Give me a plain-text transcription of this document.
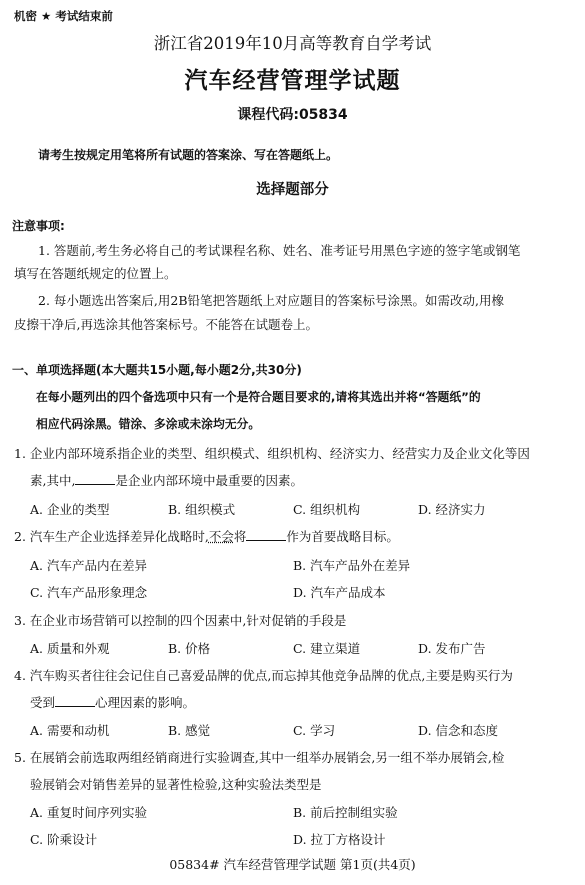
机密 ★ 考试结束前
浙江省2019年10月高等教育自学考试
汽车经营管理学试题
课程代码:05834
请考生按规定用笔将所有试题的答案涂、写在答题纸上。
选择题部分
注意事项:
1. 答题前,考生务必将自己的考试课程名称、姓名、准考证号用黑色字迹的签字笔或钢笔
填写在答题纸规定的位置上。
2. 每小题选出答案后,用2B铅笔把答题纸上对应题目的答案标号涂黑。如需改动,用橡
皮擦干净后,再选涂其他答案标号。不能答在试题卷上。
一、单项选择题(本大题共15小题,每小题2分,共30分)
在每小题列出的四个备选项中只有一个是符合题目要求的,请将其选出并将“答题纸”的
相应代码涂黑。错涂、多涂或未涂均无分。
1. 企业内部环境系指企业的类型、组织模式、组织机构、经济实力、经营实力及企业文化等因
素,其中,	是企业内部环境中最重要的因素。
A. 企业的类型	B. 组织模式	C. 组织机构	D. 经济实力
2. 汽车生产企业选择差异化战略时,不会将	作为首要战略目标。
A. 汽车产品内在差异	B. 汽车产品外在差异
C. 汽车产品形象理念	D. 汽车产品成本
3. 在企业市场营销可以控制的四个因素中,针对促销的手段是
A. 质量和外观	B. 价格	C. 建立渠道	D. 发布广告
4. 汽车购买者往往会记住自己喜爱品牌的优点,而忘掉其他竞争品牌的优点,主要是购买行为
受到	心理因素的影响。
A. 需要和动机	B. 感觉	C. 学习	D. 信念和态度
5. 在展销会前选取两组经销商进行实验调查,其中一组举办展销会,另一组不举办展销会,检
验展销会对销售差异的显著性检验,这种实验法类型是
A. 重复时间序列实验	B. 前后控制组实验
C. 阶乘设计	D. 拉丁方格设计
05834# 汽车经营管理学试题 第1页(共4页)
